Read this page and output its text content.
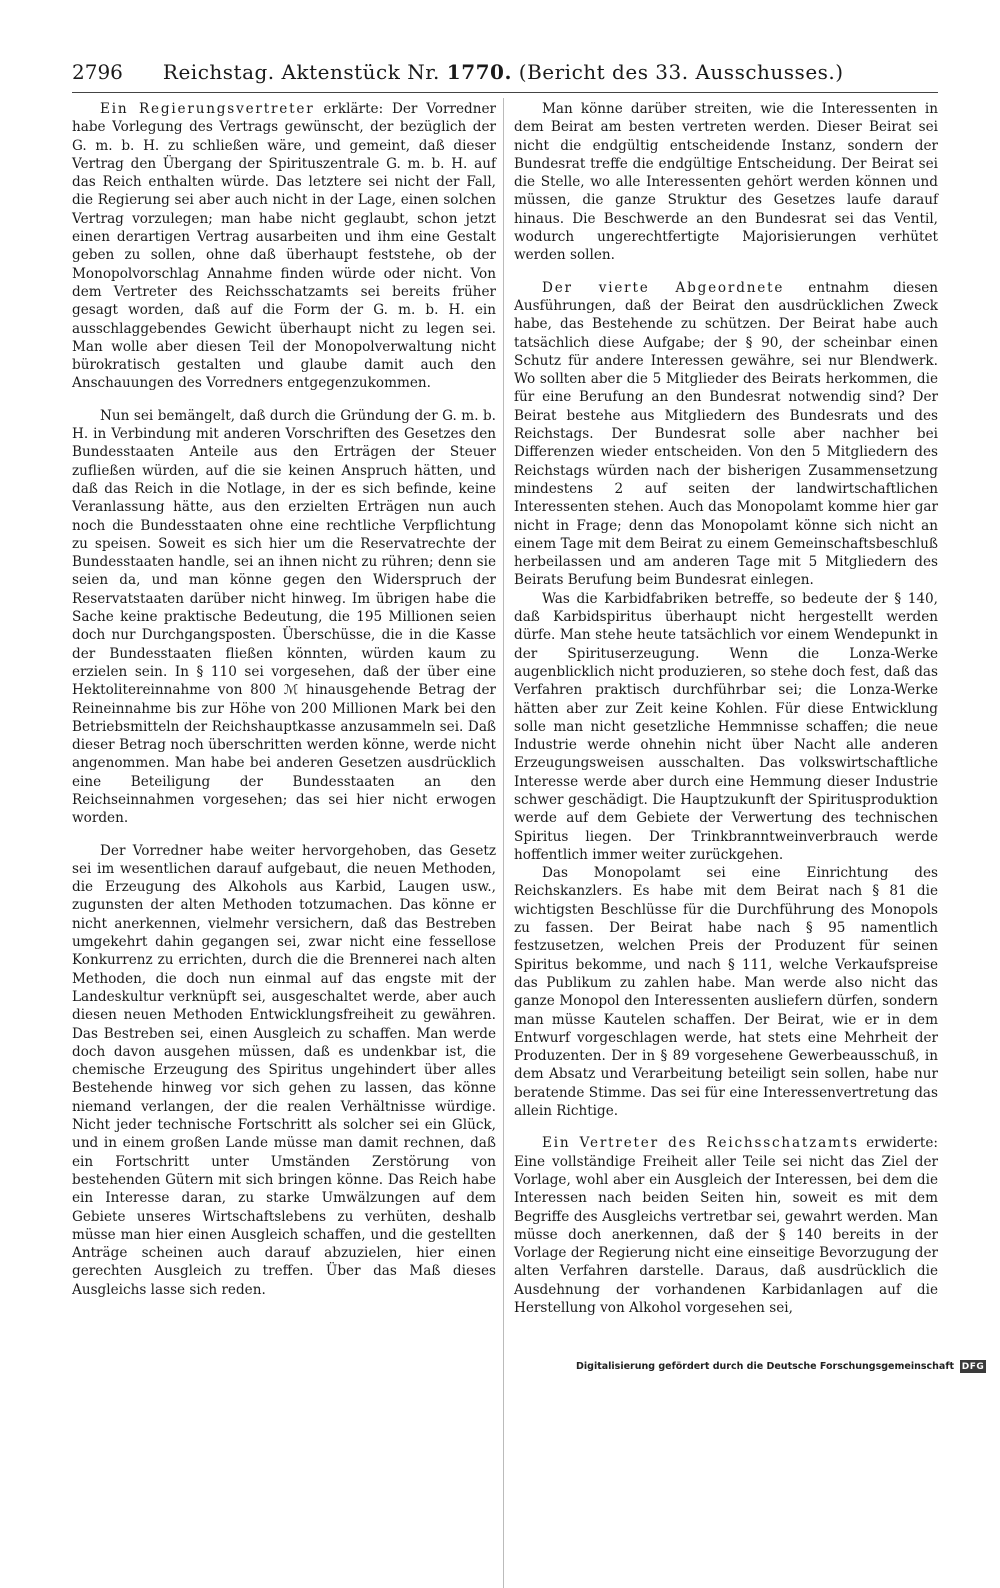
2796 Reichstag. Aktenstück Nr. 1770. (Bericht des 33. Ausschusses.)

Ein Regierungsvertreter erklärte: Der Vorredner habe Vorlegung des Vertrags gewünscht, der bezüglich der G. m. b. H. zu schließen wäre, und gemeint, daß dieser Vertrag den Übergang der Spirituszentrale G. m. b. H. auf das Reich enthalten würde. Das letztere sei nicht der Fall, die Regierung sei aber auch nicht in der Lage, einen solchen Vertrag vorzulegen; man habe nicht geglaubt, schon jetzt einen derartigen Vertrag ausarbeiten und ihm eine Gestalt geben zu sollen, ohne daß überhaupt feststehe, ob der Monopolvorschlag Annahme finden würde oder nicht. Von dem Vertreter des Reichsschatzamts sei bereits früher gesagt worden, daß auf die Form der G. m. b. H. ein ausschlaggebendes Gewicht überhaupt nicht zu legen sei. Man wolle aber diesen Teil der Monopolverwaltung nicht bürokratisch gestalten und glaube damit auch den Anschauungen des Vorredners entgegenzukommen.

Nun sei bemängelt, daß durch die Gründung der G. m. b. H. in Verbindung mit anderen Vorschriften des Gesetzes den Bundesstaaten Anteile aus den Erträgen der Steuer zufließen würden, auf die sie keinen Anspruch hätten, und daß das Reich in die Notlage, in der es sich befinde, keine Veranlassung hätte, aus den erzielten Erträgen nun auch noch die Bundesstaaten ohne eine rechtliche Verpflichtung zu speisen. Soweit es sich hier um die Reservatrechte der Bundesstaaten handle, sei an ihnen nicht zu rühren; denn sie seien da, und man könne gegen den Widerspruch der Reservatstaaten darüber nicht hinweg. Im übrigen habe die Sache keine praktische Bedeutung, die 195 Millionen seien doch nur Durchgangsposten. Überschüsse, die in die Kasse der Bundesstaaten fließen könnten, würden kaum zu erzielen sein. In § 110 sei vorgesehen, daß der über eine Hektolitereinnahme von 800 ℳ hinausgehende Betrag der Reineinnahme bis zur Höhe von 200 Millionen Mark bei den Betriebsmitteln der Reichshauptkasse anzusammeln sei. Daß dieser Betrag noch überschritten werden könne, werde nicht angenommen. Man habe bei anderen Gesetzen ausdrücklich eine Beteiligung der Bundesstaaten an den Reichseinnahmen vorgesehen; das sei hier nicht erwogen worden.

Der Vorredner habe weiter hervorgehoben, das Gesetz sei im wesentlichen darauf aufgebaut, die neuen Methoden, die Erzeugung des Alkohols aus Karbid, Laugen usw., zugunsten der alten Methoden totzumachen. Das könne er nicht anerkennen, vielmehr versichern, daß das Bestreben umgekehrt dahin gegangen sei, zwar nicht eine fessellose Konkurrenz zu errichten, durch die die Brennerei nach alten Methoden, die doch nun einmal auf das engste mit der Landeskultur verknüpft sei, ausgeschaltet werde, aber auch diesen neuen Methoden Entwicklungsfreiheit zu gewähren. Das Bestreben sei, einen Ausgleich zu schaffen. Man werde doch davon ausgehen müssen, daß es undenkbar ist, die chemische Erzeugung des Spiritus ungehindert über alles Bestehende hinweg vor sich gehen zu lassen, das könne niemand verlangen, der die realen Verhältnisse würdige. Nicht jeder technische Fortschritt als solcher sei ein Glück, und in einem großen Lande müsse man damit rechnen, daß ein Fortschritt unter Umständen Zerstörung von bestehenden Gütern mit sich bringen könne. Das Reich habe ein Interesse daran, zu starke Umwälzungen auf dem Gebiete unseres Wirtschaftslebens zu verhüten, deshalb müsse man hier einen Ausgleich schaffen, und die gestellten Anträge scheinen auch darauf abzuzielen, hier einen gerechten Ausgleich zu treffen. Über das Maß dieses Ausgleichs lasse sich reden.

Man könne darüber streiten, wie die Interessenten in dem Beirat am besten vertreten werden. Dieser Beirat sei nicht die endgültig entscheidende Instanz, sondern der Bundesrat treffe die endgültige Entscheidung. Der Beirat sei die Stelle, wo alle Interessenten gehört werden können und müssen, die ganze Struktur des Gesetzes laufe darauf hinaus. Die Beschwerde an den Bundesrat sei das Ventil, wodurch ungerechtfertigte Majorisierungen verhütet werden sollen.

Der vierte Abgeordnete entnahm diesen Ausführungen, daß der Beirat den ausdrücklichen Zweck habe, das Bestehende zu schützen. Der Beirat habe auch tatsächlich diese Aufgabe; der § 90, der scheinbar einen Schutz für andere Interessen gewähre, sei nur Blendwerk. Wo sollten aber die 5 Mitglieder des Beirats herkommen, die für eine Berufung an den Bundesrat notwendig sind? Der Beirat bestehe aus Mitgliedern des Bundesrats und des Reichstags. Der Bundesrat solle aber nachher bei Differenzen wieder entscheiden. Von den 5 Mitgliedern des Reichstags würden nach der bisherigen Zusammensetzung mindestens 2 auf seiten der landwirtschaftlichen Interessenten stehen. Auch das Monopolamt komme hier gar nicht in Frage; denn das Monopolamt könne sich nicht an einem Tage mit dem Beirat zu einem Gemeinschaftsbeschluß herbeilassen und am anderen Tage mit 5 Mitgliedern des Beirats Berufung beim Bundesrat einlegen.

Was die Karbidfabriken betreffe, so bedeute der § 140, daß Karbidspiritus überhaupt nicht hergestellt werden dürfe. Man stehe heute tatsächlich vor einem Wendepunkt in der Spirituserzeugung. Wenn die Lonza-Werke augenblicklich nicht produzieren, so stehe doch fest, daß das Verfahren praktisch durchführbar sei; die Lonza-Werke hätten aber zur Zeit keine Kohlen. Für diese Entwicklung solle man nicht gesetzliche Hemmnisse schaffen; die neue Industrie werde ohnehin nicht über Nacht alle anderen Erzeugungsweisen ausschalten. Das volkswirtschaftliche Interesse werde aber durch eine Hemmung dieser Industrie schwer geschädigt. Die Hauptzukunft der Spiritusproduktion werde auf dem Gebiete der Verwertung des technischen Spiritus liegen. Der Trinkbranntweinverbrauch werde hoffentlich immer weiter zurückgehen.

Das Monopolamt sei eine Einrichtung des Reichskanzlers. Es habe mit dem Beirat nach § 81 die wichtigsten Beschlüsse für die Durchführung des Monopols zu fassen. Der Beirat habe nach § 95 namentlich festzusetzen, welchen Preis der Produzent für seinen Spiritus bekomme, und nach § 111, welche Verkaufspreise das Publikum zu zahlen habe. Man werde also nicht das ganze Monopol den Interessenten ausliefern dürfen, sondern man müsse Kautelen schaffen. Der Beirat, wie er in dem Entwurf vorgeschlagen werde, hat stets eine Mehrheit der Produzenten. Der in § 89 vorgesehene Gewerbeausschuß, in dem Absatz und Verarbeitung beteiligt sein sollen, habe nur beratende Stimme. Das sei für eine Interessenvertretung das allein Richtige.

Ein Vertreter des Reichsschatzamts erwiderte: Eine vollständige Freiheit aller Teile sei nicht das Ziel der Vorlage, wohl aber ein Ausgleich der Interessen, bei dem die Interessen nach beiden Seiten hin, soweit es mit dem Begriffe des Ausgleichs vertretbar sei, gewahrt werden. Man müsse doch anerkennen, daß der § 140 bereits in der Vorlage der Regierung nicht eine einseitige Bevorzugung der alten Verfahren darstelle. Daraus, daß ausdrücklich die Ausdehnung der vorhandenen Karbidanlagen auf die Herstellung von Alkohol vorgesehen sei,

Digitalisierung gefördert durch die Deutsche Forschungsgemeinschaft DFG
